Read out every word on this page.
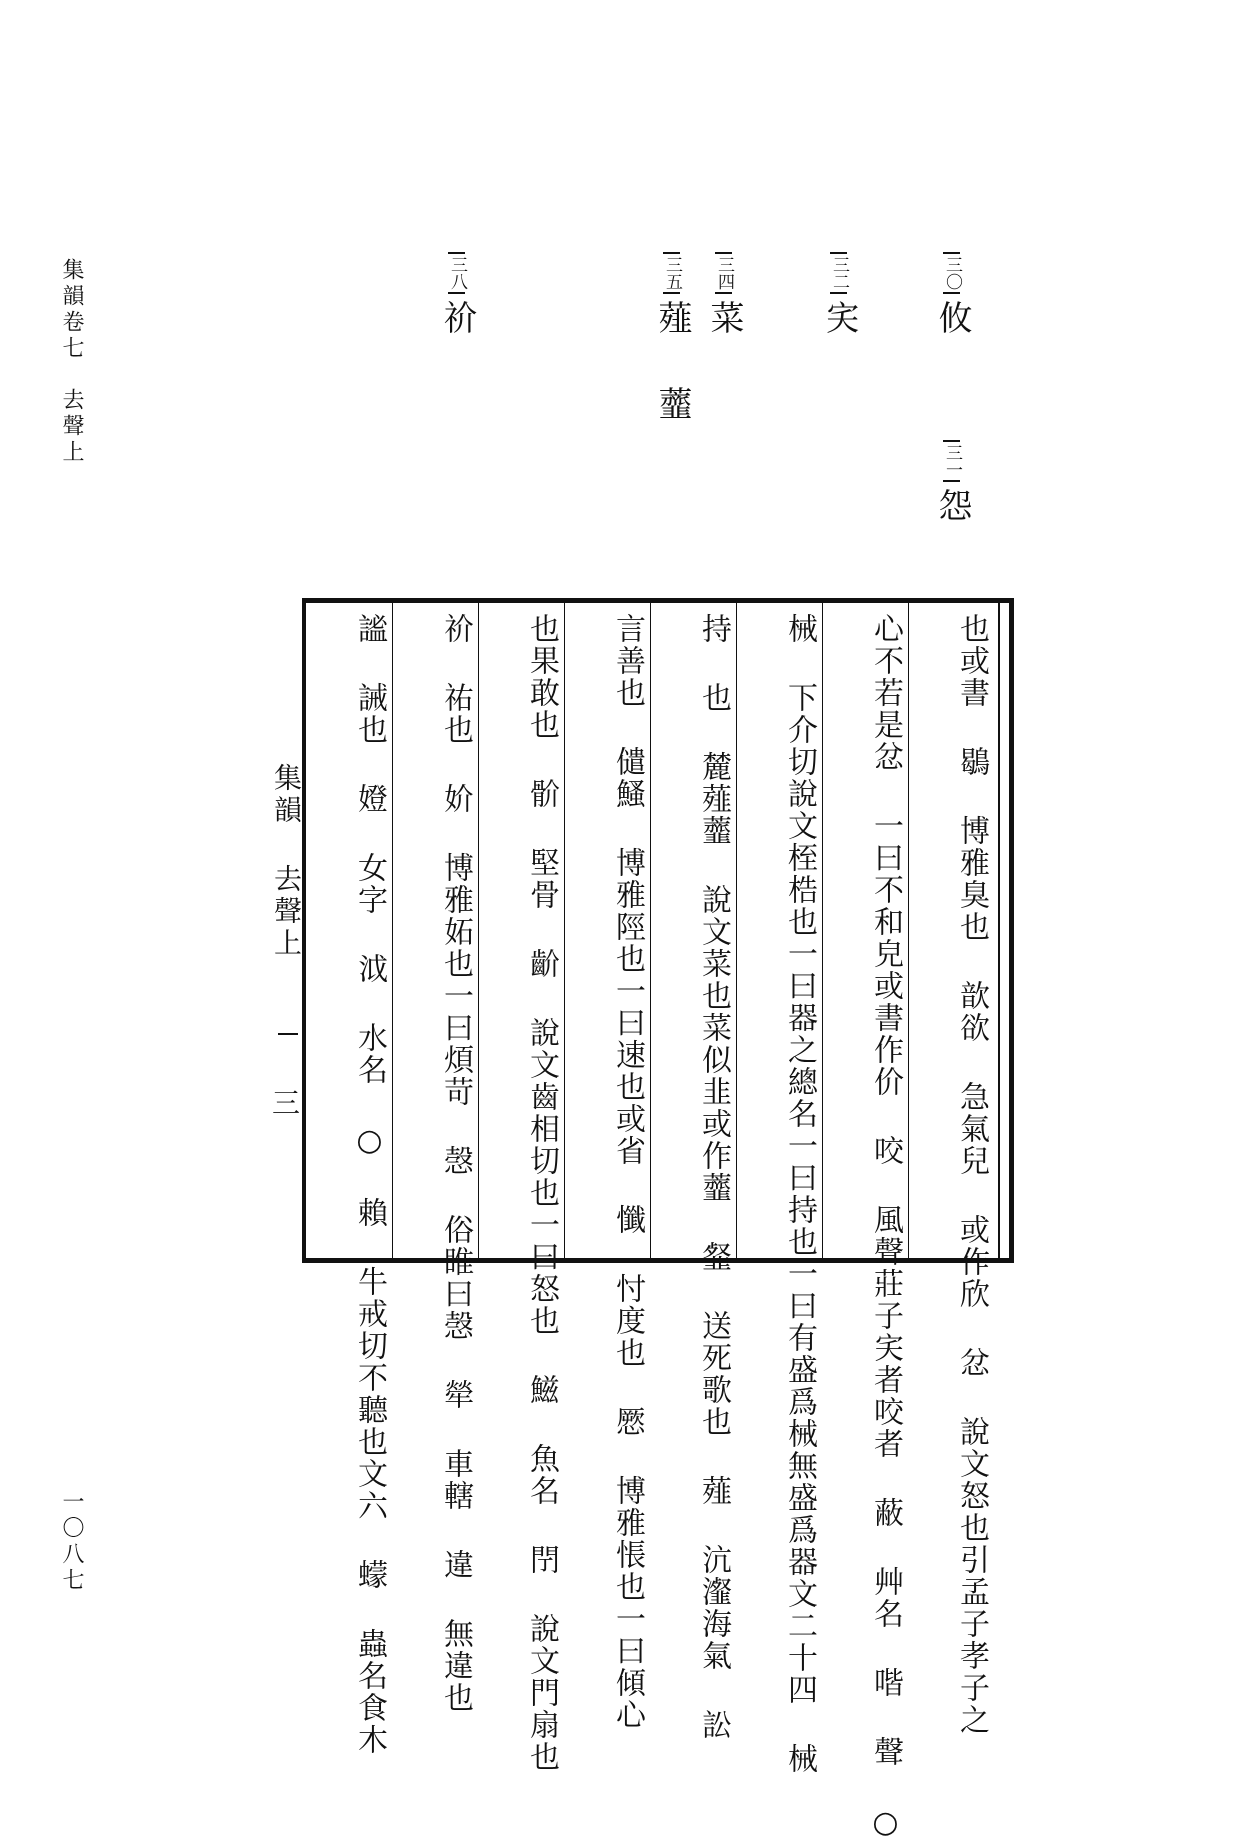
集韻卷七　去聲上
一〇八七
三〇攸
三一怨
三二宎
三四菜
三五薤 虀
三八祄
集韻 去聲上
三	也或書 鶡 博雅臭也 歆欲 急氣兒 或作欣 忿 說文怒也引孟子孝子之
心不若是忿 一曰不和皃或書作价 咬 風聲莊子宎者咬者 蔽 艸名 喈 聲 ○
械 下介切說文桎梏也一曰器之總名一曰持也一曰有盛爲械無盛爲器文二十四 械
持 也 麓薤虀 說文菜也菜似韭或作虀 韰 送死歌也 薤 沆瀣海氣 訟
言善也 儙鰠 博雅陘也一曰速也或省 懺 忖度也 憠 博雅悵也一曰傾心
也果敢也 骱 堅骨 齘 說文齒相切也一曰怒也 鰦 魚名 閅 說文門扇也
祄 祐也 妎 博雅妬也一曰煩苛 愨 俗睢曰愨 犖 車轄 違 無違也
謐 誡也 嬁 女字 泧 水名 ○ 賴 牛戒切不聽也文六 蠓 蟲名食木
